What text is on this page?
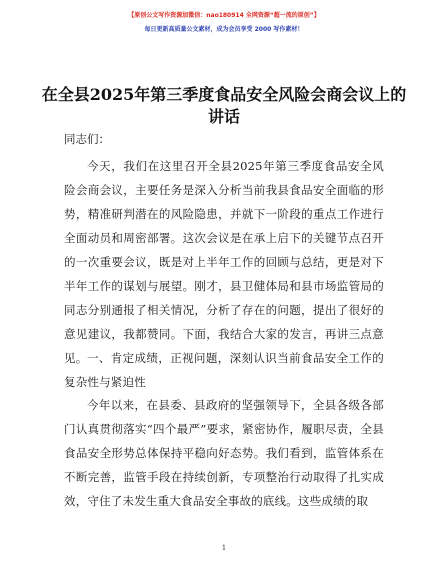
【原创公文写作资源加微信：nao180914 全网资源“超一流的原创”】
每日更新高质量公文素材，成为会员享受 2000 写作素材！
在全县2025年第三季度食品安全风险会商会议上的讲话
同志们：

今天，我们在这里召开全县2025年第三季度食品安全风险会商会议，主要任务是深入分析当前我县食品安全面临的形势，精准研判潜在的风险隐患，并就下一阶段的重点工作进行全面动员和周密部署。这次会议是在承上启下的关键节点召开的一次重要会议，既是对上半年工作的回顾与总结，更是对下半年工作的谋划与展望。刚才，县卫健体局和县市场监管局的同志分别通报了相关情况，分析了存在的问题，提出了很好的意见建议，我都赞同。下面，我结合大家的发言，再讲三点意见。 一、肯定成绩，正视问题，深刻认识当前食品安全工作的复杂性与紧迫性

今年以来，在县委、县政府的坚强领导下，全县各级各部门认真贯彻落实“四个最严”要求，紧密协作，履职尽责，全县食品安全形势总体保持平稳向好态势。我们看到，监管体系在不断完善，监管手段在持续创新，专项整治行动取得了扎实成效，守住了未发生重大食品安全事故的底线。这些成绩的取

1
